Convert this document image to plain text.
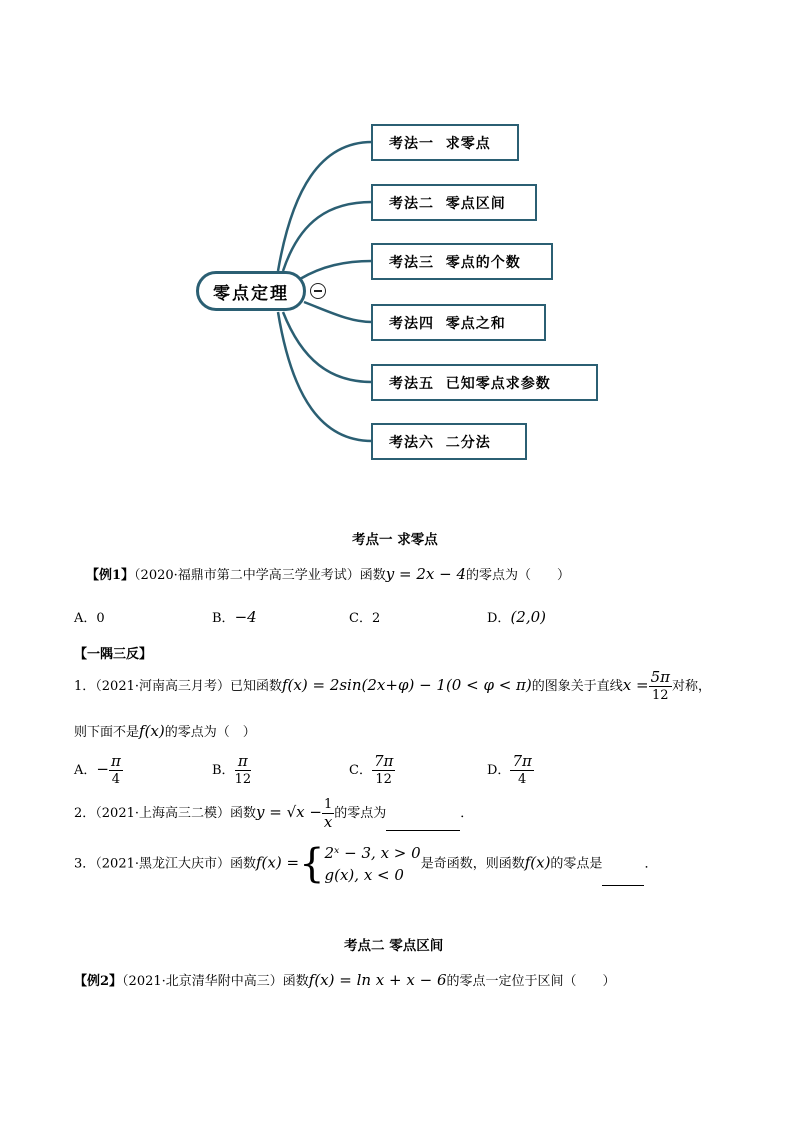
零点定理
考法一  求零点
考法二  零点区间
考法三  零点的个数
考法四  零点之和
考法五  已知零点求参数
考法六  二分法
考点一 求零点
【例1】（2020·福鼎市第二中学高三学业考试）函数y = 2x − 4的零点为（　　）
A．0	B．−4	C．2	D．(2,0)
【一隅三反】
1．（2021·河南高三月考）已知函数f(x) = 2sin(2x+φ) − 1(0 < φ < π)的图象关于直线$x = \frac{5\pi}{12}$ 对称，
则下面不是f(x)的零点为（　）
A．− $\frac{\pi}{4}$	B． $\frac{\pi}{12}$	C． $\frac{7\pi}{12}$	D． $\frac{7\pi}{4}$
2．（2021·上海高三二模）函数$y = √x - \frac{1}{x}$ 的零点为	．
3．（2021·黑龙江大庆市）函数f(x) ={ 2ˣ − 3, x > 0
g(x), x < 0
是奇函数，则函数f(x)的零点是	．
考点二 零点区间
【例2】（2021·北京清华附中高三）函数f(x) = ln x + x − 6的零点一定位于区间（　　）
